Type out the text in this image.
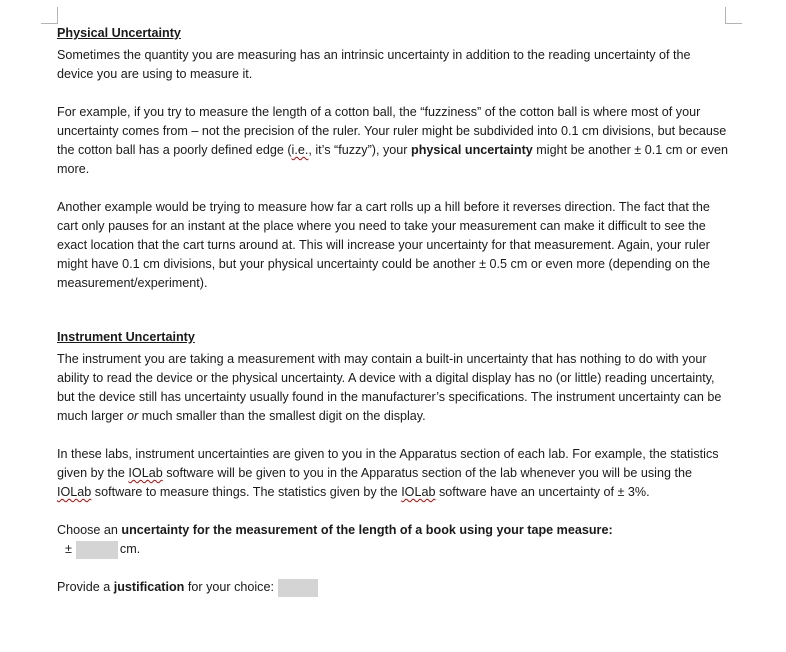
Physical Uncertainty

Sometimes the quantity you are measuring has an intrinsic uncertainty in addition to the reading uncertainty of the device you are using to measure it.

For example, if you try to measure the length of a cotton ball, the “fuzziness” of the cotton ball is where most of your uncertainty comes from – not the precision of the ruler. Your ruler might be subdivided into 0.1 cm divisions, but because the cotton ball has a poorly defined edge (i.e., it’s “fuzzy”), your physical uncertainty might be another ± 0.1 cm or even more.

Another example would be trying to measure how far a cart rolls up a hill before it reverses direction. The fact that the cart only pauses for an instant at the place where you need to take your measurement can make it difficult to see the exact location that the cart turns around at. This will increase your uncertainty for that measurement. Again, your ruler might have 0.1 cm divisions, but your physical uncertainty could be another ± 0.5 cm or even more (depending on the measurement/experiment).

Instrument Uncertainty

The instrument you are taking a measurement with may contain a built-in uncertainty that has nothing to do with your ability to read the device or the physical uncertainty. A device with a digital display has no (or little) reading uncertainty, but the device still has uncertainty usually found in the manufacturer’s specifications. The instrument uncertainty can be much larger or much smaller than the smallest digit on the display.

In these labs, instrument uncertainties are given to you in the Apparatus section of each lab. For example, the statistics given by the IOLab software will be given to you in the Apparatus section of the lab whenever you will be using the IOLab software to measure things. The statistics given by the IOLab software have an uncertainty of ± 3%.

Choose an uncertainty for the measurement of the length of a book using your tape measure:

±	cm.

Provide a justification for your choice:
